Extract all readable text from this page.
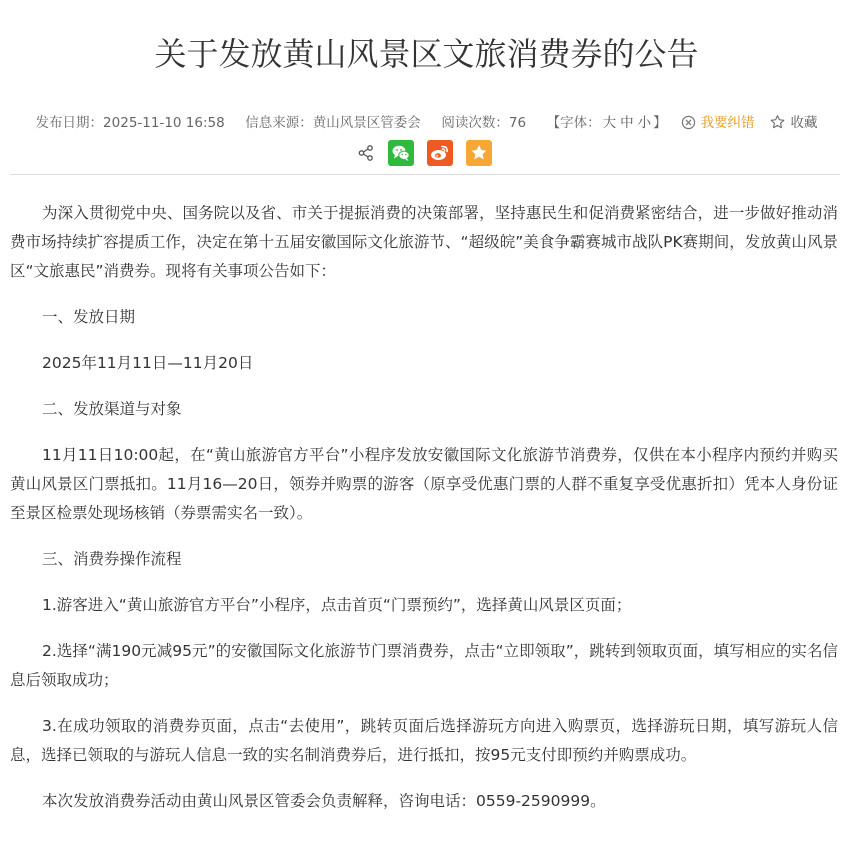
关于发放黄山风景区文旅消费券的公告
发布日期：2025-11-10 16:58 信息来源：黄山风景区管委会 阅读次数：76 【字体： 大 中 小 】	我要纠错	收藏

为深入贯彻党中央、国务院以及省、市关于提振消费的决策部署，坚持惠民生和促消费紧密结合，进一步做好推动消费市场持续扩容提质工作，决定在第十五届安徽国际文化旅游节、“超级皖”美食争霸赛城市战队PK赛期间，发放黄山风景区“文旅惠民”消费券。现将有关事项公告如下：

一、发放日期

2025年11月11日—11月20日

二、发放渠道与对象

11月11日10:00起，在“黄山旅游官方平台”小程序发放安徽国际文化旅游节消费券，仅供在本小程序内预约并购买黄山风景区门票抵扣。11月16—20日，领券并购票的游客（原享受优惠门票的人群不重复享受优惠折扣）凭本人身份证至景区检票处现场核销（券票需实名一致）。

三、消费券操作流程

1.游客进入“黄山旅游官方平台”小程序，点击首页“门票预约”，选择黄山风景区页面；

2.选择“满190元减95元”的安徽国际文化旅游节门票消费券，点击“立即领取”，跳转到领取页面，填写相应的实名信息后领取成功；

3.在成功领取的消费券页面，点击“去使用”，跳转页面后选择游玩方向进入购票页，选择游玩日期，填写游玩人信息，选择已领取的与游玩人信息一致的实名制消费券后，进行抵扣，按95元支付即预约并购票成功。

本次发放消费券活动由黄山风景区管委会负责解释，咨询电话：0559-2590999。
